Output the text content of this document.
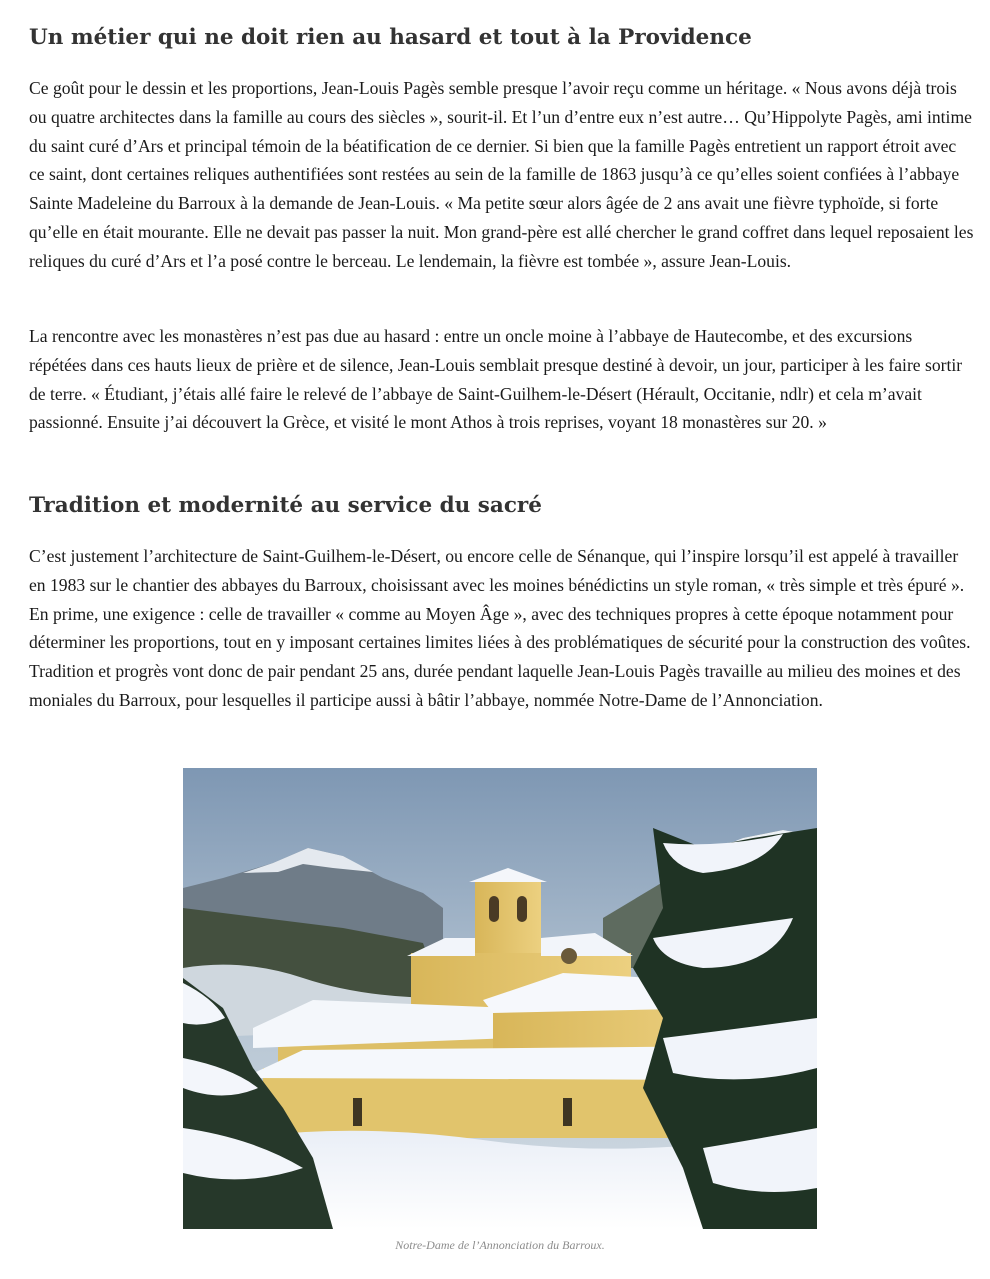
Un métier qui ne doit rien au hasard et tout à la Providence

Ce goût pour le dessin et les proportions, Jean-Louis Pagès semble presque l’avoir reçu comme un héritage. « Nous avons déjà trois ou quatre architectes dans la famille au cours des siècles », sourit-il. Et l’un d’entre eux n’est autre… Qu’Hippolyte Pagès, ami intime du saint curé d’Ars et principal témoin de la béatification de ce dernier. Si bien que la famille Pagès entretient un rapport étroit avec ce saint, dont certaines reliques authentifiées sont restées au sein de la famille de 1863 jusqu’à ce qu’elles soient confiées à l’abbaye Sainte Madeleine du Barroux à la demande de Jean-Louis. « Ma petite sœur alors âgée de 2 ans avait une fièvre typhoïde, si forte qu’elle en était mourante. Elle ne devait pas passer la nuit. Mon grand-père est allé chercher le grand coffret dans lequel reposaient les reliques du curé d’Ars et l’a posé contre le berceau. Le lendemain, la fièvre est tombée », assure Jean-Louis.

La rencontre avec les monastères n’est pas due au hasard : entre un oncle moine à l’abbaye de Hautecombe, et des excursions répétées dans ces hauts lieux de prière et de silence, Jean-Louis semblait presque destiné à devoir, un jour, participer à les faire sortir de terre. « Étudiant, j’étais allé faire le relevé de l’abbaye de Saint-Guilhem-le-Désert (Hérault, Occitanie, ndlr) et cela m’avait passionné. Ensuite j’ai découvert la Grèce, et visité le mont Athos à trois reprises, voyant 18 monastères sur 20. »

Tradition et modernité au service du sacré

C’est justement l’architecture de Saint-Guilhem-le-Désert, ou encore celle de Sénanque, qui l’inspire lorsqu’il est appelé à travailler en 1983 sur le chantier des abbayes du Barroux, choisissant avec les moines bénédictins un style roman, « très simple et très épuré ». En prime, une exigence : celle de travailler « comme au Moyen Âge », avec des techniques propres à cette époque notamment pour déterminer les proportions, tout en y imposant certaines limites liées à des problématiques de sécurité pour la construction des voûtes. Tradition et progrès vont donc de pair pendant 25 ans, durée pendant laquelle Jean-Louis Pagès travaille au milieu des moines et des moniales du Barroux, pour lesquelles il participe aussi à bâtir l’abbaye, nommée Notre-Dame de l’Annonciation.

Notre-Dame de l’Annonciation du Barroux.
